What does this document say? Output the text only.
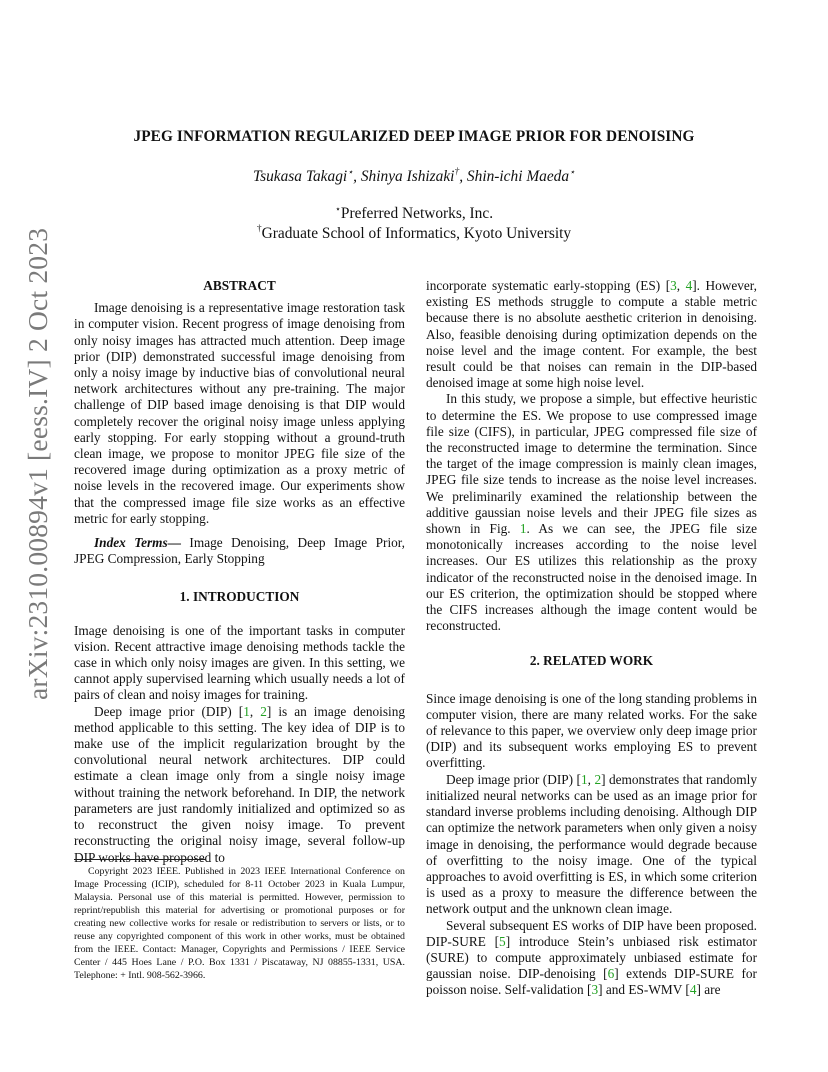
arXiv:2310.00894v1 [eess.IV] 2 Oct 2023
JPEG INFORMATION REGULARIZED DEEP IMAGE PRIOR FOR DENOISING
Tsukasa Takagi⋆, Shinya Ishizaki†, Shin-ichi Maeda⋆
⋆Preferred Networks, Inc.
†Graduate School of Informatics, Kyoto University
ABSTRACT

Image denoising is a representative image restoration task in computer vision. Recent progress of image denoising from only noisy images has attracted much attention. Deep image prior (DIP) demonstrated successful image denoising from only a noisy image by inductive bias of convolutional neural network architectures without any pre-training. The major challenge of DIP based image denoising is that DIP would completely recover the original noisy image unless applying early stopping. For early stopping without a ground-truth clean image, we propose to monitor JPEG file size of the recovered image during optimization as a proxy metric of noise levels in the recovered image. Our experiments show that the compressed image file size works as an effective metric for early stopping.

Index Terms— Image Denoising, Deep Image Prior, JPEG Compression, Early Stopping

1. INTRODUCTION

Image denoising is one of the important tasks in computer vision. Recent attractive image denoising methods tackle the case in which only noisy images are given. In this setting, we cannot apply supervised learning which usually needs a lot of pairs of clean and noisy images for training.

Deep image prior (DIP) [1, 2] is an image denoising method applicable to this setting. The key idea of DIP is to make use of the implicit regularization brought by the convolutional neural network architectures. DIP could estimate a clean image only from a single noisy image without training the network beforehand. In DIP, the network parameters are just randomly initialized and optimized so as to reconstruct the given noisy image. To prevent reconstructing the original noisy image, several follow-up DIP works have proposed to

Copyright 2023 IEEE. Published in 2023 IEEE International Conference on Image Processing (ICIP), scheduled for 8-11 October 2023 in Kuala Lumpur, Malaysia. Personal use of this material is permitted. However, permission to reprint/republish this material for advertising or promotional purposes or for creating new collective works for resale or redistribution to servers or lists, or to reuse any copyrighted component of this work in other works, must be obtained from the IEEE. Contact: Manager, Copyrights and Permissions / IEEE Service Center / 445 Hoes Lane / P.O. Box 1331 / Piscataway, NJ 08855-1331, USA. Telephone: + Intl. 908-562-3966.

incorporate systematic early-stopping (ES) [3, 4]. However, existing ES methods struggle to compute a stable metric because there is no absolute aesthetic criterion in denoising. Also, feasible denoising during optimization depends on the noise level and the image content. For example, the best result could be that noises can remain in the DIP-based denoised image at some high noise level.

In this study, we propose a simple, but effective heuristic to determine the ES. We propose to use compressed image file size (CIFS), in particular, JPEG compressed file size of the reconstructed image to determine the termination. Since the target of the image compression is mainly clean images, JPEG file size tends to increase as the noise level increases. We preliminarily examined the relationship between the additive gaussian noise levels and their JPEG file sizes as shown in Fig. 1. As we can see, the JPEG file size monotonically increases according to the noise level increases. Our ES utilizes this relationship as the proxy indicator of the reconstructed noise in the denoised image. In our ES criterion, the optimization should be stopped where the CIFS increases although the image content would be reconstructed.

2. RELATED WORK

Since image denoising is one of the long standing problems in computer vision, there are many related works. For the sake of relevance to this paper, we overview only deep image prior (DIP) and its subsequent works employing ES to prevent overfitting.

Deep image prior (DIP) [1, 2] demonstrates that randomly initialized neural networks can be used as an image prior for standard inverse problems including denoising. Although DIP can optimize the network parameters when only given a noisy image in denoising, the performance would degrade because of overfitting to the noisy image. One of the typical approaches to avoid overfitting is ES, in which some criterion is used as a proxy to measure the difference between the network output and the unknown clean image.

Several subsequent ES works of DIP have been proposed. DIP-SURE [5] introduce Stein’s unbiased risk estimator (SURE) to compute approximately unbiased estimate for gaussian noise. DIP-denoising [6] extends DIP-SURE for poisson noise. Self-validation [3] and ES-WMV [4] are
